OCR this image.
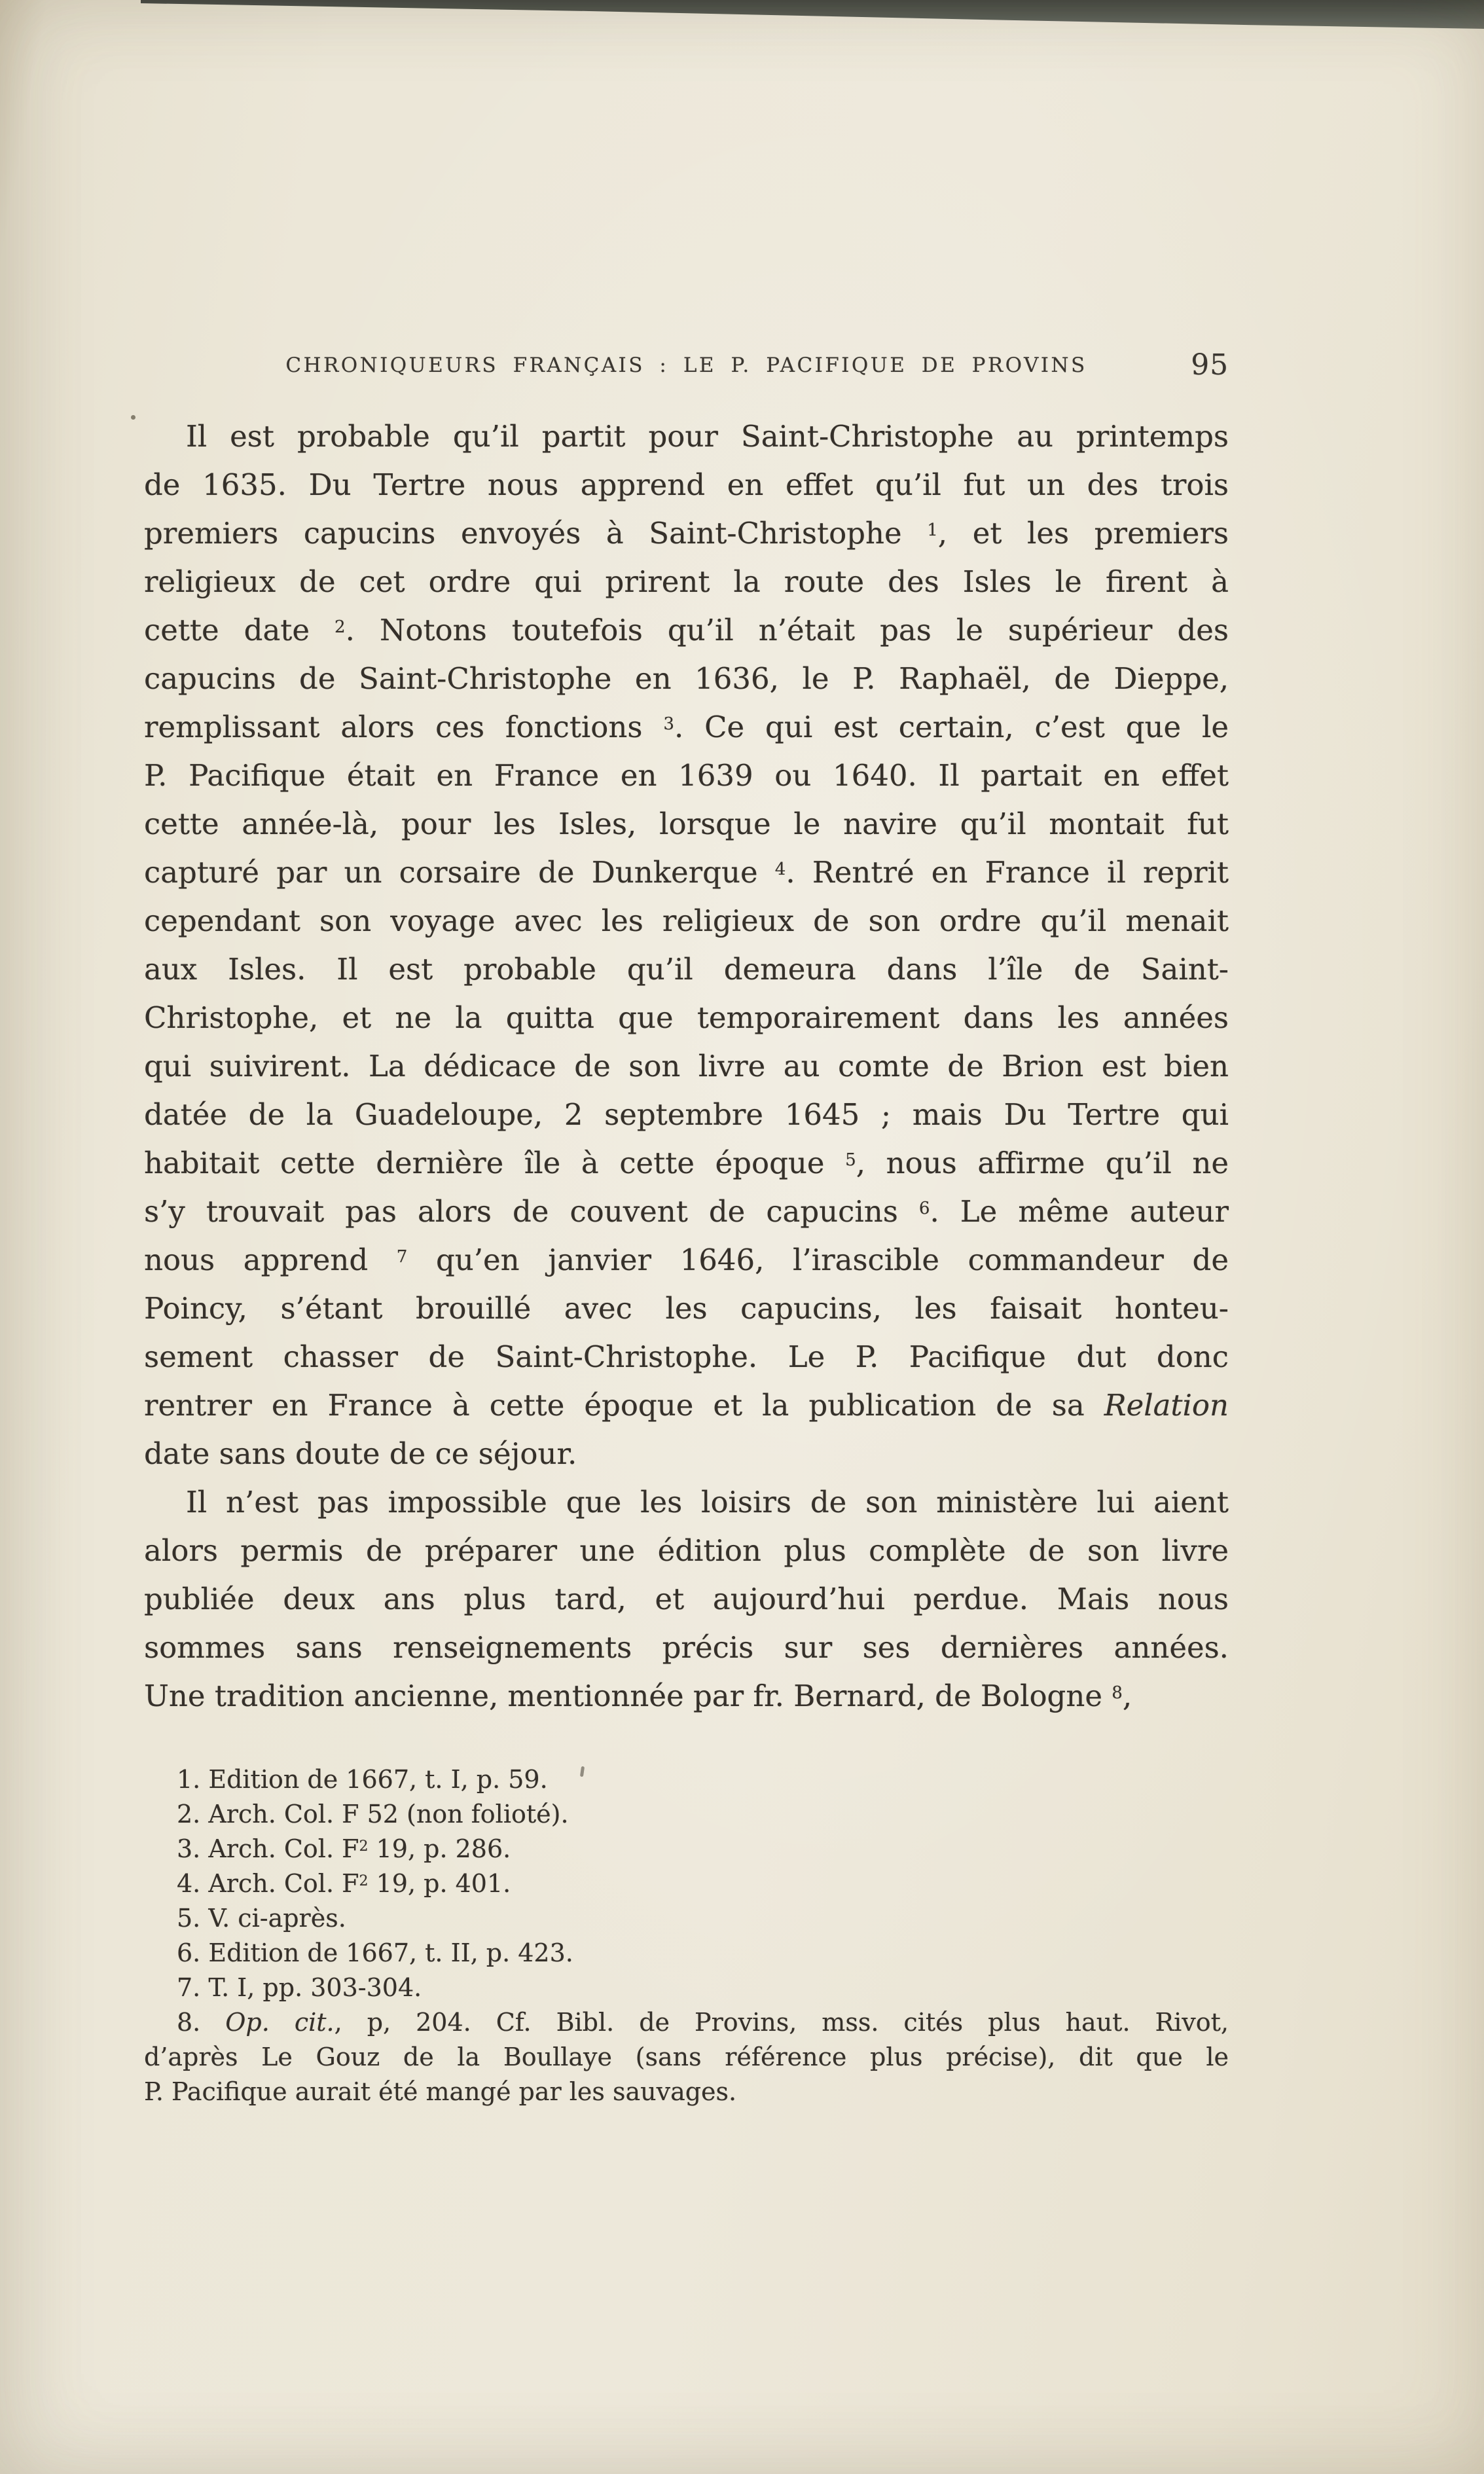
CHRONIQUEURS FRANÇAIS : LE P. PACIFIQUE DE PROVINS	95
Il est probable qu’il partit pour Saint-Christophe au printemps
de 1635. Du Tertre nous apprend en effet qu’il fut un des trois
premiers capucins envoyés à Saint-Christophe $^1$, et les premiers
religieux de cet ordre qui prirent la route des Isles le firent à
cette date $^2$. Notons toutefois qu’il n’était pas le supérieur des
capucins de Saint-Christophe en 1636, le P. Raphaël, de Dieppe,
remplissant alors ces fonctions $^3$. Ce qui est certain, c’est que le
P. Pacifique était en France en 1639 ou 1640. Il partait en effet
cette année-là, pour les Isles, lorsque le navire qu’il montait fut
capturé par un corsaire de Dunkerque $^4$. Rentré en France il reprit
cependant son voyage avec les religieux de son ordre qu’il menait
aux Isles. Il est probable qu’il demeura dans l’île de Saint-
Christophe, et ne la quitta que temporairement dans les années
qui suivirent. La dédicace de son livre au comte de Brion est bien
datée de la Guadeloupe, 2 septembre 1645 ; mais Du Tertre qui
habitait cette dernière île à cette époque $^5$, nous affirme qu’il ne
s’y trouvait pas alors de couvent de capucins $^6$. Le même auteur
nous apprend $^7$ qu’en janvier 1646, l’irascible commandeur de
Poincy, s’étant brouillé avec les capucins, les faisait honteu-
sement chasser de Saint-Christophe. Le P. Pacifique dut donc
rentrer en France à cette époque et la publication de sa Relation
date sans doute de ce séjour.
Il n’est pas impossible que les loisirs de son ministère lui aient
alors permis de préparer une édition plus complète de son livre
publiée deux ans plus tard, et aujourd’hui perdue. Mais nous
sommes sans renseignements précis sur ses dernières années.
Une tradition ancienne, mentionnée par fr. Bernard, de Bologne $^8$,
1. Edition de 1667, t. I, p. 59.
2. Arch. Col. F 52 (non folioté).
3. Arch. Col. $F^2$ 19, p. 286.
4. Arch. Col. $F^2$ 19, p. 401.
5. V. ci-après.
6. Edition de 1667, t. II, p. 423.
7. T. I, pp. 303-304.
8. Op. cit., p, 204. Cf. Bibl. de Provins, mss. cités plus haut. Rivot,
d’après Le Gouz de la Boullaye (sans référence plus précise), dit que le
P. Pacifique aurait été mangé par les sauvages.
